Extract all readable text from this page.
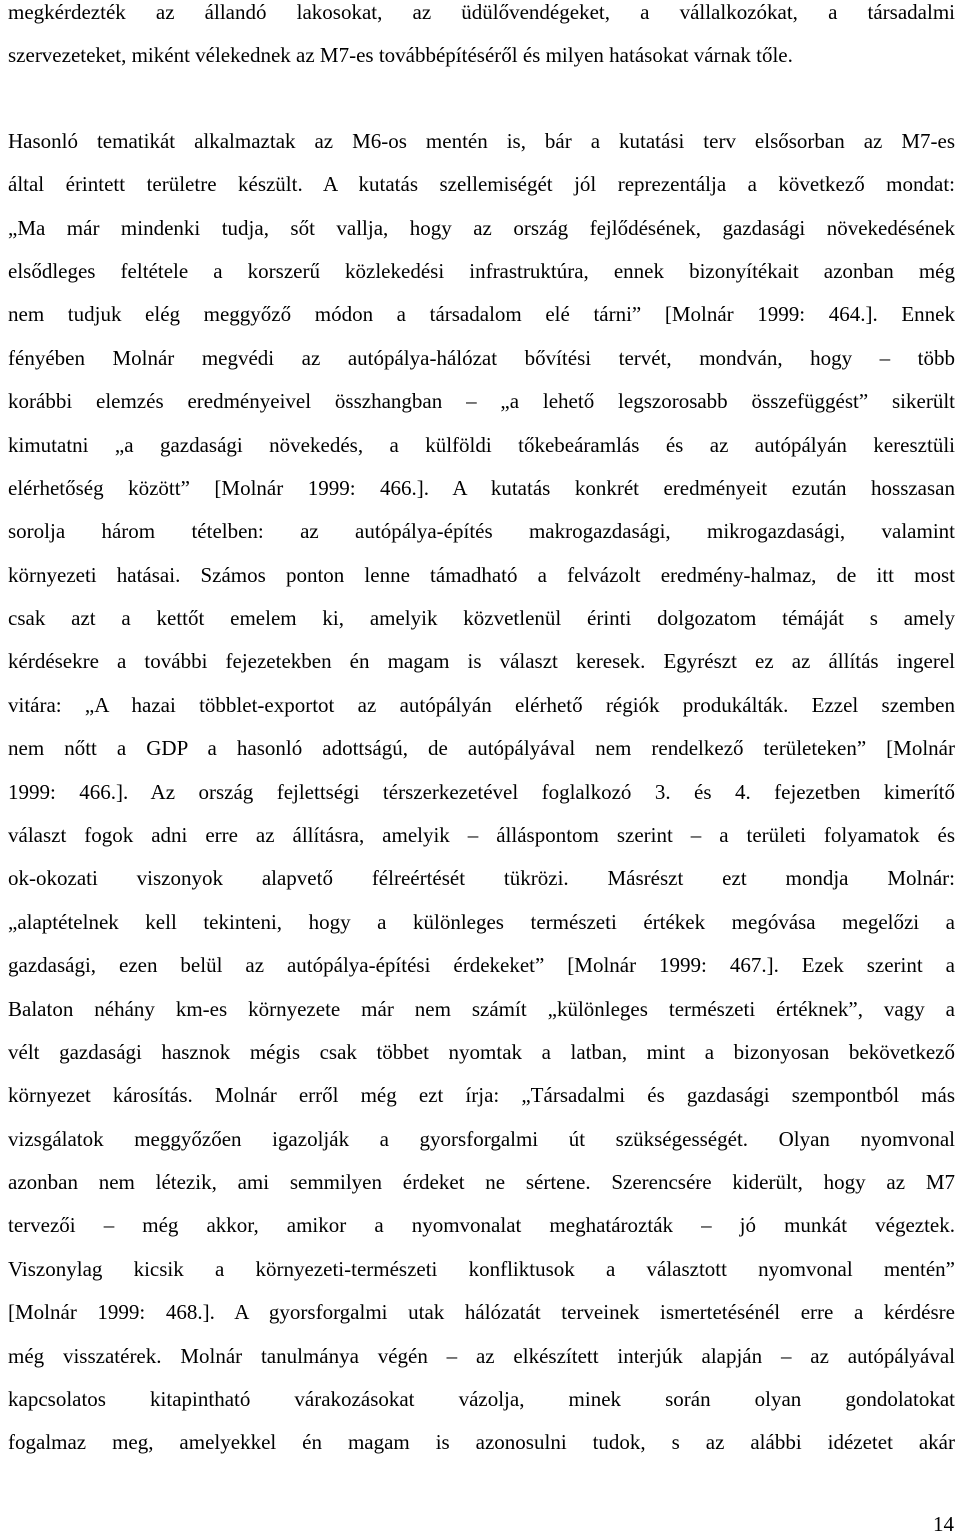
megkérdezték az állandó lakosokat, az üdülővendégeket, a vállalkozókat, a társadalmi
szervezeteket, miként vélekednek az M7-es továbbépítéséről és milyen hatásokat várnak tőle.
Hasonló tematikát alkalmaztak az M6-os mentén is, bár a kutatási terv elsősorban az M7-es
által érintett területre készült. A kutatás szellemiségét jól reprezentálja a következő mondat:
„Ma már mindenki tudja, sőt vallja, hogy az ország fejlődésének, gazdasági növekedésének
elsődleges feltétele a korszerű közlekedési infrastruktúra, ennek bizonyítékait azonban még
nem tudjuk elég meggyőző módon a társadalom elé tárni” [Molnár 1999: 464.]. Ennek
fényében Molnár megvédi az autópálya-hálózat bővítési tervét, mondván, hogy – több
korábbi elemzés eredményeivel összhangban – „a lehető legszorosabb összefüggést” sikerült
kimutatni „a gazdasági növekedés, a külföldi tőkebeáramlás és az autópályán keresztüli
elérhetőség között” [Molnár 1999: 466.]. A kutatás konkrét eredményeit ezután hosszasan
sorolja három tételben: az autópálya-építés makrogazdasági, mikrogazdasági, valamint
környezeti hatásai. Számos ponton lenne támadható a felvázolt eredmény-halmaz, de itt most
csak azt a kettőt emelem ki, amelyik közvetlenül érinti dolgozatom témáját s amely
kérdésekre a további fejezetekben én magam is választ keresek. Egyrészt ez az állítás ingerel
vitára: „A hazai többlet-exportot az autópályán elérhető régiók produkálták. Ezzel szemben
nem nőtt a GDP a hasonló adottságú, de autópályával nem rendelkező területeken” [Molnár
1999: 466.]. Az ország fejlettségi térszerkezetével foglalkozó 3. és 4. fejezetben kimerítő
választ fogok adni erre az állításra, amelyik – álláspontom szerint – a területi folyamatok és
ok-okozati viszonyok alapvető félreértését tükrözi. Másrészt ezt mondja Molnár:
„alaptételnek kell tekinteni, hogy a különleges természeti értékek megóvása megelőzi a
gazdasági, ezen belül az autópálya-építési érdekeket” [Molnár 1999: 467.]. Ezek szerint a
Balaton néhány km-es környezete már nem számít „különleges természeti értéknek”, vagy a
vélt gazdasági hasznok mégis csak többet nyomtak a latban, mint a bizonyosan bekövetkező
környezet károsítás. Molnár erről még ezt írja: „Társadalmi és gazdasági szempontból más
vizsgálatok meggyőzően igazolják a gyorsforgalmi út szükségességét. Olyan nyomvonal
azonban nem létezik, ami semmilyen érdeket ne sértene. Szerencsére kiderült, hogy az M7
tervezői – még akkor, amikor a nyomvonalat meghatározták – jó munkát végeztek.
Viszonylag kicsik a környezeti-természeti konfliktusok a választott nyomvonal mentén”
[Molnár 1999: 468.]. A gyorsforgalmi utak hálózatát terveinek ismertetésénél erre a kérdésre
még visszatérek. Molnár tanulmánya végén – az elkészített interjúk alapján – az autópályával
kapcsolatos kitapintható várakozásokat vázolja, minek során olyan gondolatokat
fogalmaz meg, amelyekkel én magam is azonosulni tudok, s az alábbi idézetet akár
14
